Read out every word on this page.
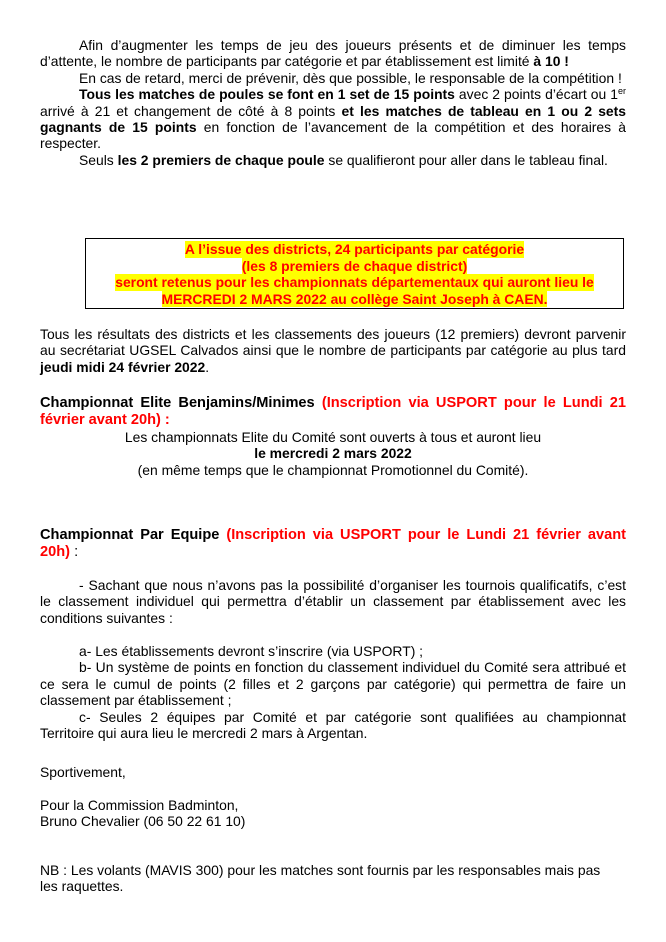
Afin d’augmenter les temps de jeu des joueurs présents et de diminuer les temps d’attente, le nombre de participants par catégorie et par établissement est limité à 10 !

En cas de retard, merci de prévenir, dès que possible, le responsable de la compétition !

Tous les matches de poules se font en 1 set de 15 points avec 2 points d’écart ou 1er arrivé à 21 et changement de côté à 8 points et les matches de tableau en 1 ou 2 sets gagnants de 15 points en fonction de l’avancement de la compétition et des horaires à respecter.

Seuls les 2 premiers de chaque poule se qualifieront pour aller dans le tableau final.

A l’issue des districts, 24 participants par catégorie
(les 8 premiers de chaque district)
seront retenus pour les championnats départementaux qui auront lieu le
MERCREDI 2 MARS 2022 au collège Saint Joseph à CAEN.

Tous les résultats des districts et les classements des joueurs (12 premiers) devront parvenir au secrétariat UGSEL Calvados ainsi que le nombre de participants par catégorie au plus tard jeudi midi 24 février 2022.

Championnat Elite Benjamins/Minimes (Inscription via USPORT pour le Lundi 21 février avant 20h) :

Les championnats Elite du Comité sont ouverts à tous et auront lieu

le mercredi 2 mars 2022

(en même temps que le championnat Promotionnel du Comité).

Championnat Par Equipe (Inscription via USPORT pour le Lundi 21 février avant 20h) :

- Sachant que nous n’avons pas la possibilité d’organiser les tournois qualificatifs, c’est le classement individuel qui permettra d’établir un classement par établissement avec les conditions suivantes :

a- Les établissements devront s’inscrire (via USPORT) ;

b- Un système de points en fonction du classement individuel du Comité sera attribué et ce sera le cumul de points (2 filles et 2 garçons par catégorie) qui permettra de faire un classement par établissement ;

c- Seules 2 équipes par Comité et par catégorie sont qualifiées au championnat Territoire qui aura lieu le mercredi 2 mars à Argentan.

Sportivement,

Pour la Commission Badminton,

Bruno Chevalier (06 50 22 61 10)

NB : Les volants (MAVIS 300) pour les matches sont fournis par les responsables mais pas les raquettes.
